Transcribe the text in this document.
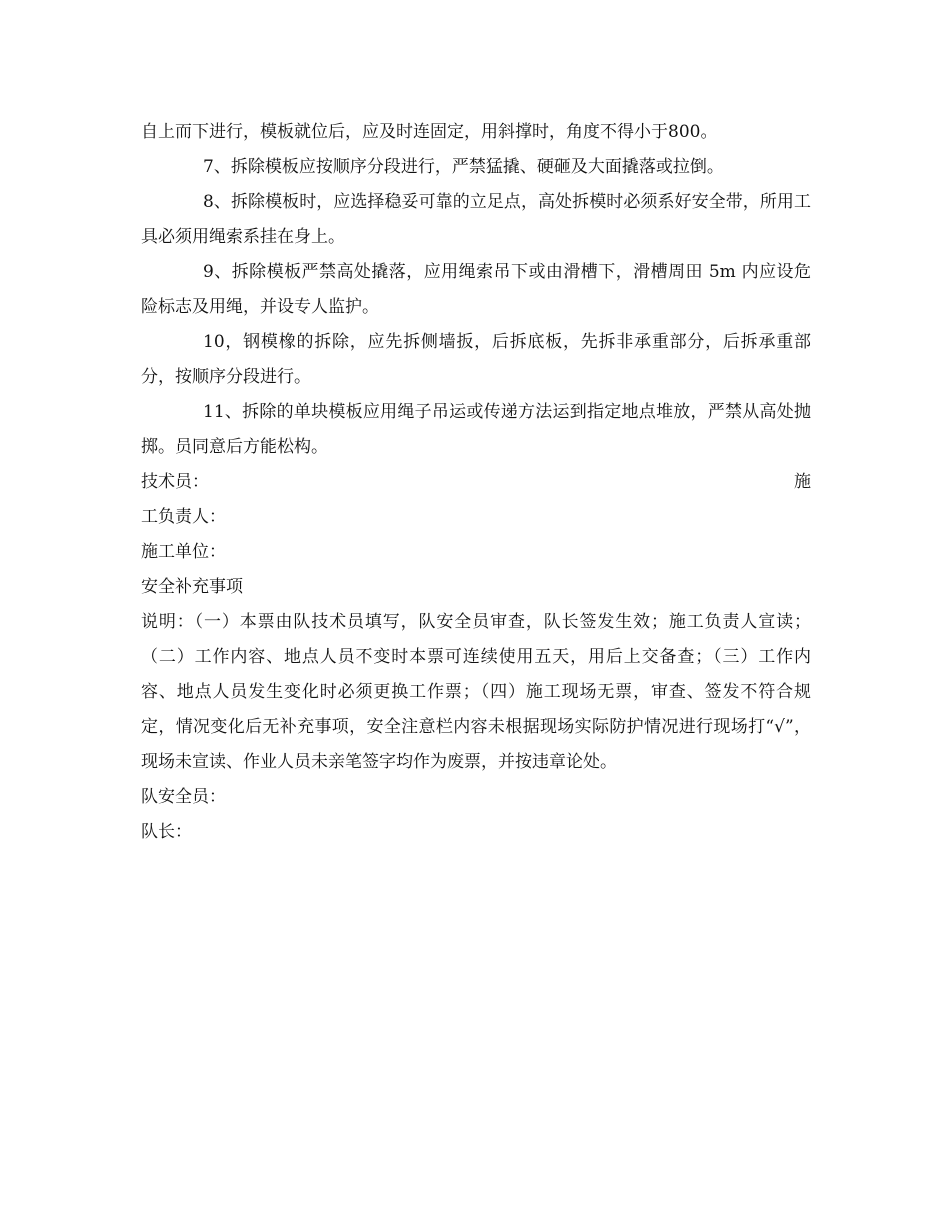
自上而下进行，模板就位后，应及时连固定，用斜撑时，角度不得小于800。

7、拆除模板应按顺序分段进行，严禁猛撬、硬砸及大面撬落或拉倒。

8、拆除模板时，应选择稳妥可靠的立足点，高处拆模时必须系好安全带，所用工具必须用绳索系挂在身上。

9、拆除模板严禁高处撬落，应用绳索吊下或由滑槽下，滑槽周田 5m 内应设危险标志及用绳，并设专人监护。

10，钢模橡的拆除，应先拆侧墙扳，后拆底板，先拆非承重部分，后拆承重部分，按顺序分段进行。

11、拆除的单块模板应用绳子吊运或传递方法运到指定地点堆放，严禁从高处抛掷。员同意后方能松构。

技术员：	施

工负责人：

施工单位：

安全补充事项

说明：（一）本票由队技术员填写，队安全员审查，队长签发生效；施工负责人宣读；（二）工作内容、地点人员不变时本票可连续使用五天，用后上交备查；（三）工作内容、地点人员发生变化时必须更换工作票；（四）施工现场无票，审查、签发不符合规定，情况变化后无补充事项，安全注意栏内容未根据现场实际防护情况进行现场打“√”，现场未宣读、作业人员未亲笔签字均作为废票，并按违章论处。

队安全员：

队长：
